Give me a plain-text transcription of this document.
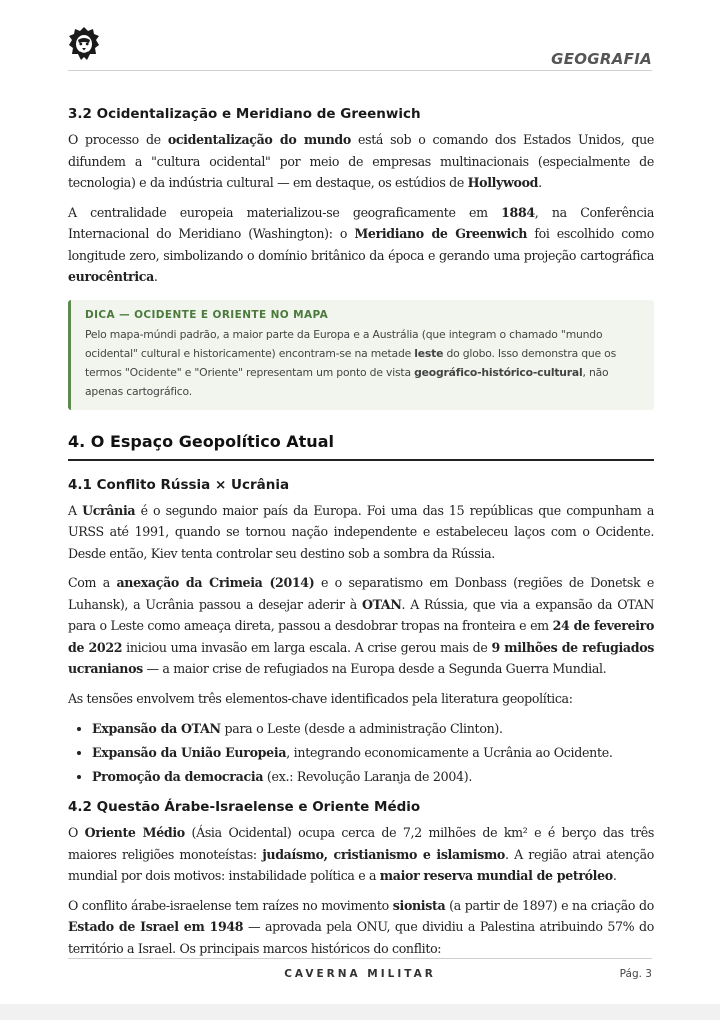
GEOGRAFIA
3.2 Ocidentalização e Meridiano de Greenwich

O processo de ocidentalização do mundo está sob o comando dos Estados Unidos, que difundem a "cultura ocidental" por meio de empresas multinacionais (especialmente de tecnologia) e da indústria cultural — em destaque, os estúdios de Hollywood.

A centralidade europeia materializou-se geograficamente em 1884, na Conferência Internacional do Meridiano (Washington): o Meridiano de Greenwich foi escolhido como longitude zero, simbolizando o domínio britânico da época e gerando uma projeção cartográfica eurocêntrica.

DICA — OCIDENTE E ORIENTE NO MAPA
Pelo mapa-múndi padrão, a maior parte da Europa e a Austrália (que integram o chamado "mundo ocidental" cultural e historicamente) encontram-se na metade leste do globo. Isso demonstra que os termos "Ocidente" e "Oriente" representam um ponto de vista geográfico-histórico-cultural, não apenas cartográfico.
4. O Espaço Geopolítico Atual
4.1 Conflito Rússia × Ucrânia

A Ucrânia é o segundo maior país da Europa. Foi uma das 15 repúblicas que compunham a URSS até 1991, quando se tornou nação independente e estabeleceu laços com o Ocidente. Desde então, Kiev tenta controlar seu destino sob a sombra da Rússia.

Com a anexação da Crimeia (2014) e o separatismo em Donbass (regiões de Donetsk e Luhansk), a Ucrânia passou a desejar aderir à OTAN. A Rússia, que via a expansão da OTAN para o Leste como ameaça direta, passou a desdobrar tropas na fronteira e em 24 de fevereiro de 2022 iniciou uma invasão em larga escala. A crise gerou mais de 9 milhões de refugiados ucranianos — a maior crise de refugiados na Europa desde a Segunda Guerra Mundial.

As tensões envolvem três elementos-chave identificados pela literatura geopolítica:

• Expansão da OTAN para o Leste (desde a administração Clinton).
• Expansão da União Europeia, integrando economicamente a Ucrânia ao Ocidente.
• Promoção da democracia (ex.: Revolução Laranja de 2004).
4.2 Questão Árabe-Israelense e Oriente Médio

O Oriente Médio (Ásia Ocidental) ocupa cerca de 7,2 milhões de km² e é berço das três maiores religiões monoteístas: judaísmo, cristianismo e islamismo. A região atrai atenção mundial por dois motivos: instabilidade política e a maior reserva mundial de petróleo.

O conflito árabe-israelense tem raízes no movimento sionista (a partir de 1897) e na criação do Estado de Israel em 1948 — aprovada pela ONU, que dividiu a Palestina atribuindo 57% do território a Israel. Os principais marcos históricos do conflito:

CAVERNA MILITAR	Pág. 3
